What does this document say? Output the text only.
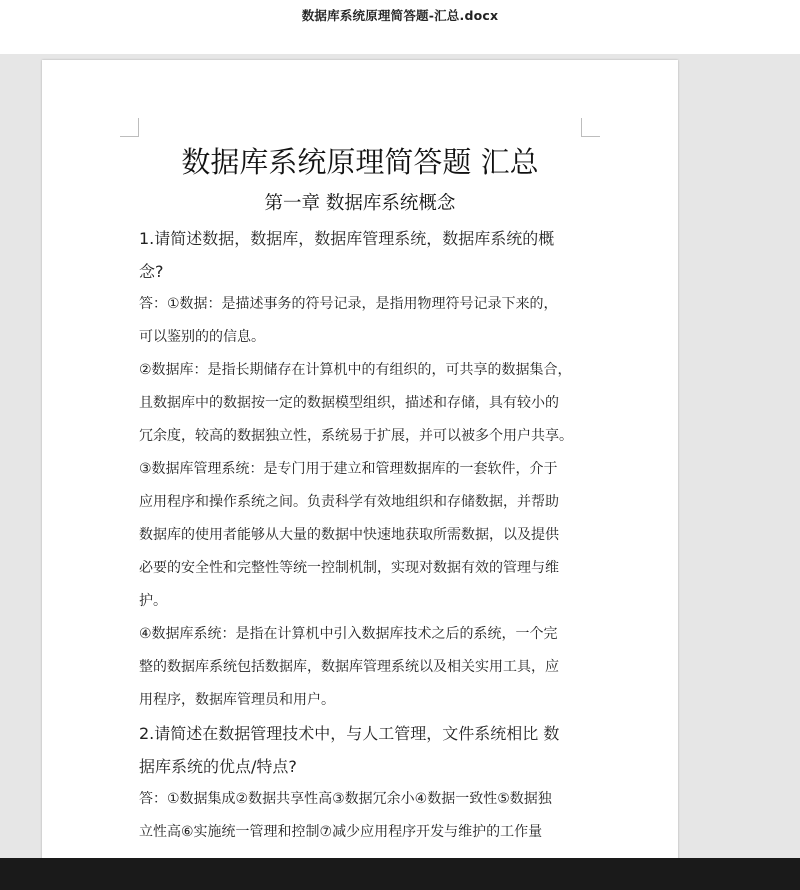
数据库系统原理简答题-汇总.docx
数据库系统原理简答题 汇总
第一章 数据库系统概念

1.请简述数据，数据库，数据库管理系统，数据库系统的概

念?

答：①数据：是描述事务的符号记录，是指用物理符号记录下来的，

可以鉴别的的信息。

②数据库：是指长期储存在计算机中的有组织的，可共享的数据集合，

且数据库中的数据按一定的数据模型组织，描述和存储，具有较小的

冗余度，较高的数据独立性，系统易于扩展，并可以被多个用户共享。

③数据库管理系统：是专门用于建立和管理数据库的一套软件，介于

应用程序和操作系统之间。负责科学有效地组织和存储数据，并帮助

数据库的使用者能够从大量的数据中快速地获取所需数据，以及提供

必要的安全性和完整性等统一控制机制，实现对数据有效的管理与维

护。

④数据库系统：是指在计算机中引入数据库技术之后的系统，一个完

整的数据库系统包括数据库，数据库管理系统以及相关实用工具，应

用程序，数据库管理员和用户。

2.请简述在数据管理技术中，与人工管理，文件系统相比 数

据库系统的优点/特点?

答：①数据集成②数据共享性高③数据冗余小④数据一致性⑤数据独

立性高⑥实施统一管理和控制⑦减少应用程序开发与维护的工作量
